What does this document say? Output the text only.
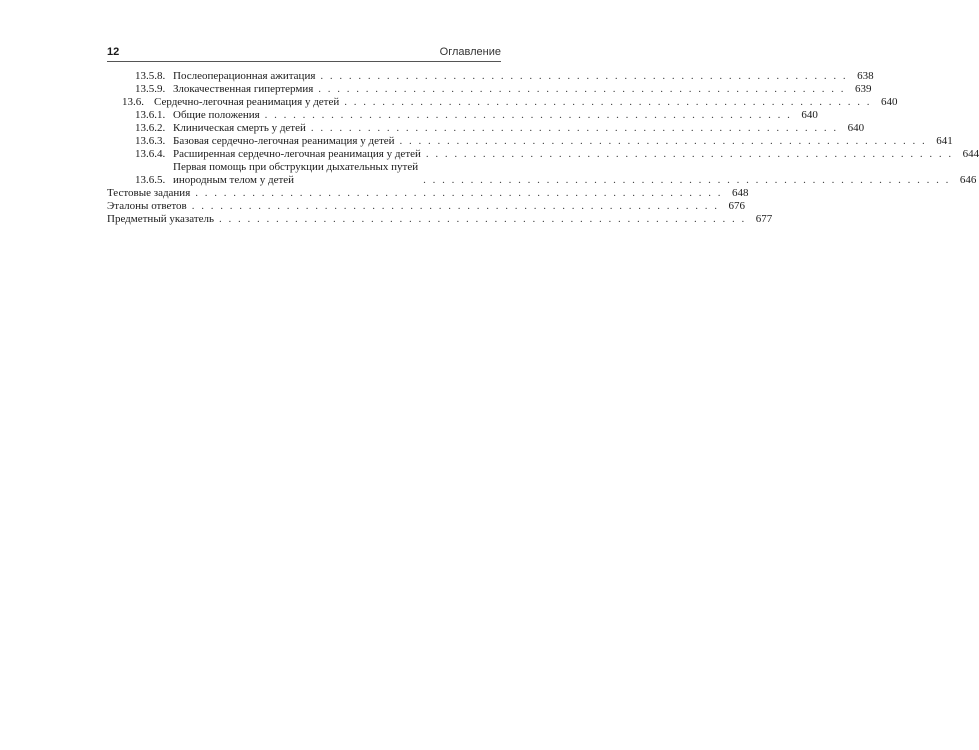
12	Оглавление
13.5.8. Послеоперационная ажитация . . . . . . . . . . . . . . . . . . . . . . . . . . . . . . . . . . . . . . . . . . . . . . . . . . . . . . . . 638
13.5.9. Злокачественная гипертермия . . . . . . . . . . . . . . . . . . . . . . . . . . . . . . . . . . . . . . . . . . . . . . . . . . . . . . . . 639
13.6. Сердечно-легочная реанимация у детей . . . . . . . . . . . . . . . . . . . . . . . . . . . . . . . . . . . . . . . . . . . . . . . . . . . . . . . . 640
13.6.1. Общие положения . . . . . . . . . . . . . . . . . . . . . . . . . . . . . . . . . . . . . . . . . . . . . . . . . . . . . . . . 640
13.6.2. Клиническая смерть у детей . . . . . . . . . . . . . . . . . . . . . . . . . . . . . . . . . . . . . . . . . . . . . . . . . . . . . . . . 640
13.6.3. Базовая сердечно-легочная реанимация у детей . . . . . . . . . . . . . . . . . . . . . . . . . . . . . . . . . . . . . . . . . . . . . . . . . . . . . . . . 641
13.6.4. Расширенная сердечно-легочная реанимация у детей . . . . . . . . . . . . . . . . . . . . . . . . . . . . . . . . . . . . . . . . . . . . . . . . . . . . . . . . 644
13.6.5.
Первая помощь при обструкции дыхательных путей
инородным телом у детей	. . . . . . . . . . . . . . . . . . . . . . . . . . . . . . . . . . . . . . . . . . . . . . . . . . . . . . . . 646
Тестовые задания . . . . . . . . . . . . . . . . . . . . . . . . . . . . . . . . . . . . . . . . . . . . . . . . . . . . . . . . 648
Эталоны ответов . . . . . . . . . . . . . . . . . . . . . . . . . . . . . . . . . . . . . . . . . . . . . . . . . . . . . . . . 676
Предметный указатель . . . . . . . . . . . . . . . . . . . . . . . . . . . . . . . . . . . . . . . . . . . . . . . . . . . . . . . . 677
